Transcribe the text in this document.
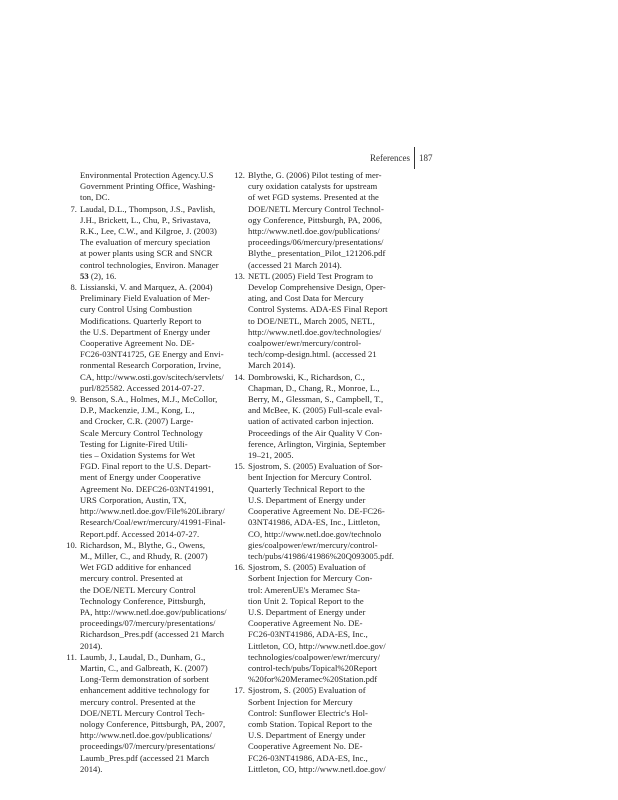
References 187
Environmental Protection Agency.U.S
Government Printing Office, Washing-
ton, DC.
7. Laudal, D.L., Thompson, J.S., Pavlish,
J.H., Brickett, L., Chu, P., Srivastava,
R.K., Lee, C.W., and Kilgroe, J. (2003)
The evaluation of mercury speciation
at power plants using SCR and SNCR
control technologies, Environ. Manager
53 (2), 16.
8. Lissianski, V. and Marquez, A. (2004)
Preliminary Field Evaluation of Mer-
cury Control Using Combustion
Modifications. Quarterly Report to
the U.S. Department of Energy under
Cooperative Agreement No. DE-
FC26-03NT41725, GE Energy and Envi-
ronmental Research Corporation, Irvine,
CA, http://www.osti.gov/scitech/servlets/
purl/825582. Accessed 2014-07-27.
9. Benson, S.A., Holmes, M.J., McCollor,
D.P., Mackenzie, J.M., Kong, L.,
and Crocker, C.R. (2007) Large-
Scale Mercury Control Technology
Testing for Lignite-Fired Utili-
ties – Oxidation Systems for Wet
FGD. Final report to the U.S. Depart-
ment of Energy under Cooperative
Agreement No. DEFC26-03NT41991,
URS Corporation, Austin, TX,
http://www.netl.doe.gov/File%20Library/
Research/Coal/ewr/mercury/41991-Final-
Report.pdf. Accessed 2014-07-27.
10. Richardson, M., Blythe, G., Owens,
M., Miller, C., and Rhudy, R. (2007)
Wet FGD additive for enhanced
mercury control. Presented at
the DOE/NETL Mercury Control
Technology Conference, Pittsburgh,
PA, http://www.netl.doe.gov/publications/
proceedings/07/mercury/presentations/
Richardson_Pres.pdf (accessed 21 March
2014).
11. Laumb, J., Laudal, D., Dunham, G.,
Martin, C., and Galbreath, K. (2007)
Long-Term demonstration of sorbent
enhancement additive technology for
mercury control. Presented at the
DOE/NETL Mercury Control Tech-
nology Conference, Pittsburgh, PA, 2007,
http://www.netl.doe.gov/publications/
proceedings/07/mercury/presentations/
Laumb_Pres.pdf (accessed 21 March
2014).
12. Blythe, G. (2006) Pilot testing of mer-
cury oxidation catalysts for upstream
of wet FGD systems. Presented at the
DOE/NETL Mercury Control Technol-
ogy Conference, Pittsburgh, PA, 2006,
http://www.netl.doe.gov/publications/
proceedings/06/mercury/presentations/
Blythe_ presentation_Pilot_121206.pdf
(accessed 21 March 2014).
13. NETL (2005) Field Test Program to
Develop Comprehensive Design, Oper-
ating, and Cost Data for Mercury
Control Systems. ADA-ES Final Report
to DOE/NETL, March 2005, NETL,
http://www.netl.doe.gov/technologies/
coalpower/ewr/mercury/control-
tech/comp-design.html. (accessed 21
March 2014).
14. Dombrowski, K., Richardson, C.,
Chapman, D., Chang, R., Monroe, L.,
Berry, M., Glessman, S., Campbell, T.,
and McBee, K. (2005) Full-scale eval-
uation of activated carbon injection.
Proceedings of the Air Quality V Con-
ference, Arlington, Virginia, September
19–21, 2005.
15. Sjostrom, S. (2005) Evaluation of Sor-
bent Injection for Mercury Control.
Quarterly Technical Report to the
U.S. Department of Energy under
Cooperative Agreement No. DE-FC26-
03NT41986, ADA-ES, Inc., Littleton,
CO, http://www.netl.doe.gov/technolo
gies/coalpower/ewr/mercury/control-
tech/pubs/41986/41986%20Q093005.pdf.
16. Sjostrom, S. (2005) Evaluation of
Sorbent Injection for Mercury Con-
trol: AmerenUE's Meramec Sta-
tion Unit 2. Topical Report to the
U.S. Department of Energy under
Cooperative Agreement No. DE-
FC26-03NT41986, ADA-ES, Inc.,
Littleton, CO, http://www.netl.doe.gov/
technologies/coalpower/ewr/mercury/
control-tech/pubs/Topical%20Report
%20for%20Meramec%20Station.pdf
17. Sjostrom, S. (2005) Evaluation of
Sorbent Injection for Mercury
Control: Sunflower Electric's Hol-
comb Station. Topical Report to the
U.S. Department of Energy under
Cooperative Agreement No. DE-
FC26-03NT41986, ADA-ES, Inc.,
Littleton, CO, http://www.netl.doe.gov/
